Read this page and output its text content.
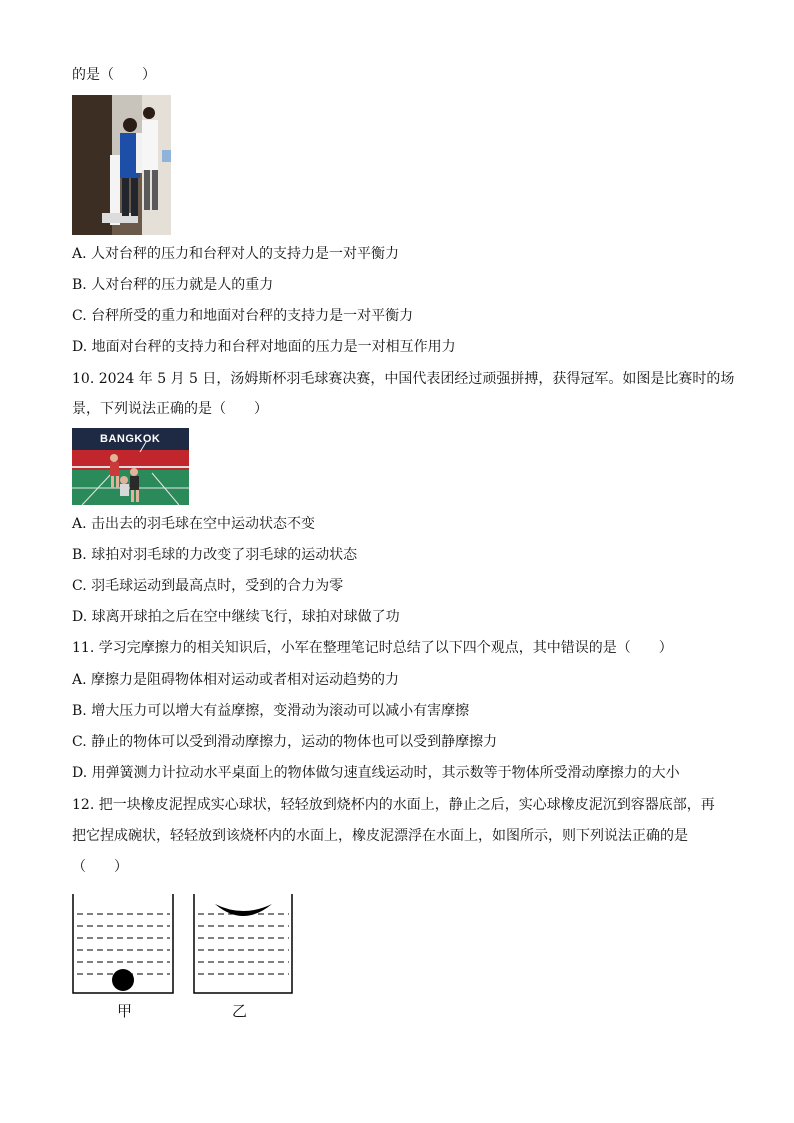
的是（　　）
A. 人对台秤的压力和台秤对人的支持力是一对平衡力
B. 人对台秤的压力就是人的重力
C. 台秤所受的重力和地面对台秤的支持力是一对平衡力
D. 地面对台秤的支持力和台秤对地面的压力是一对相互作用力
10. 2024 年 5 月 5 日，汤姆斯杯羽毛球赛决赛，中国代表团经过顽强拼搏，获得冠军。如图是比赛时的场
景，下列说法正确的是（　　）
BANGKOK
A. 击出去的羽毛球在空中运动状态不变
B. 球拍对羽毛球的力改变了羽毛球的运动状态
C. 羽毛球运动到最高点时，受到的合力为零
D. 球离开球拍之后在空中继续飞行，球拍对球做了功
11. 学习完摩擦力的相关知识后，小军在整理笔记时总结了以下四个观点，其中错误的是（　　）
A. 摩擦力是阻碍物体相对运动或者相对运动趋势的力
B. 增大压力可以增大有益摩擦，变滑动为滚动可以减小有害摩擦
C. 静止的物体可以受到滑动摩擦力，运动的物体也可以受到静摩擦力
D. 用弹簧测力计拉动水平桌面上的物体做匀速直线运动时，其示数等于物体所受滑动摩擦力的大小
12. 把一块橡皮泥捏成实心球状，轻轻放到烧杯内的水面上，静止之后，实心球橡皮泥沉到容器底部，再
把它捏成碗状，轻轻放到该烧杯内的水面上，橡皮泥漂浮在水面上，如图所示，则下列说法正确的是
（　　）
甲	乙
